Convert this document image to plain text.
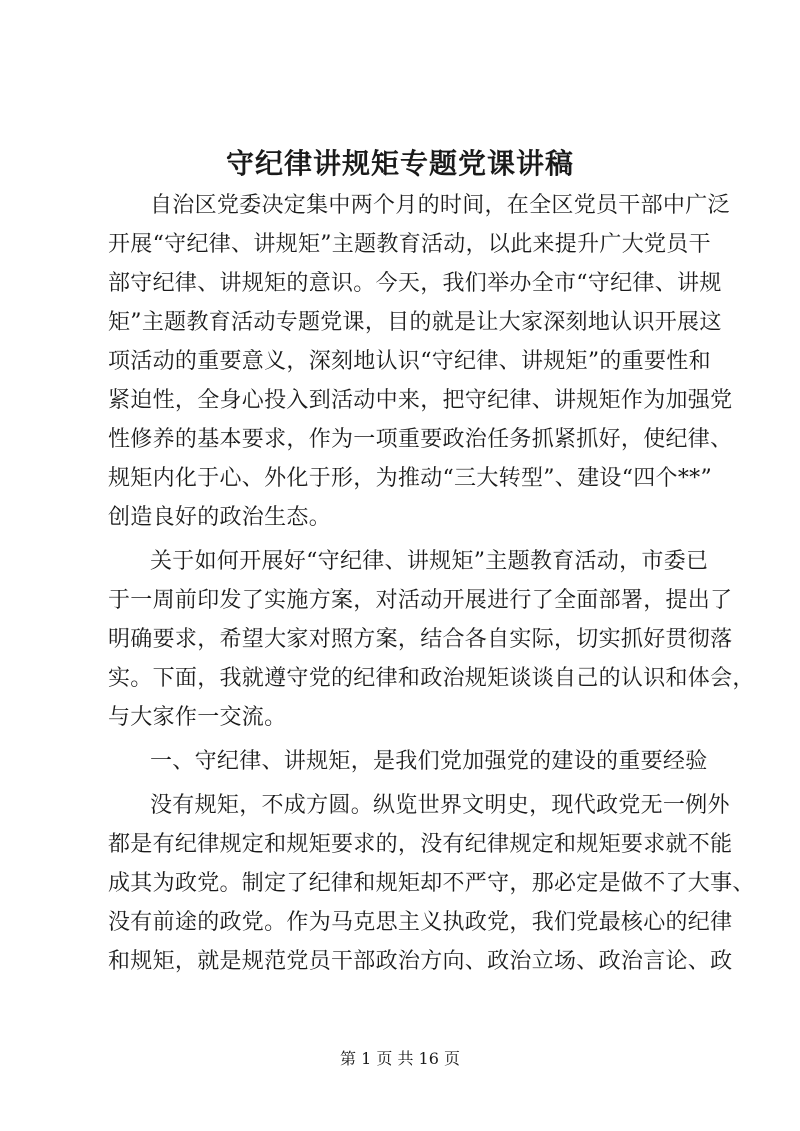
守纪律讲规矩专题党课讲稿

自治区党委决定集中两个月的时间，在全区党员干部中广泛

开展“守纪律、讲规矩”主题教育活动，以此来提升广大党员干

部守纪律、讲规矩的意识。今天，我们举办全市“守纪律、讲规

矩”主题教育活动专题党课，目的就是让大家深刻地认识开展这

项活动的重要意义，深刻地认识“守纪律、讲规矩”的重要性和

紧迫性，全身心投入到活动中来，把守纪律、讲规矩作为加强党

性修养的基本要求，作为一项重要政治任务抓紧抓好，使纪律、

规矩内化于心、外化于形，为推动“三大转型”、建设“四个**”

创造良好的政治生态。

关于如何开展好“守纪律、讲规矩”主题教育活动，市委已

于一周前印发了实施方案，对活动开展进行了全面部署，提出了

明确要求，希望大家对照方案，结合各自实际，切实抓好贯彻落

实。下面，我就遵守党的纪律和政治规矩谈谈自己的认识和体会，

与大家作一交流。

一、守纪律、讲规矩，是我们党加强党的建设的重要经验

没有规矩，不成方圆。纵览世界文明史，现代政党无一例外

都是有纪律规定和规矩要求的，没有纪律规定和规矩要求就不能

成其为政党。制定了纪律和规矩却不严守，那必定是做不了大事、

没有前途的政党。作为马克思主义执政党，我们党最核心的纪律

和规矩，就是规范党员干部政治方向、政治立场、政治言论、政

第 1 页 共 16 页
